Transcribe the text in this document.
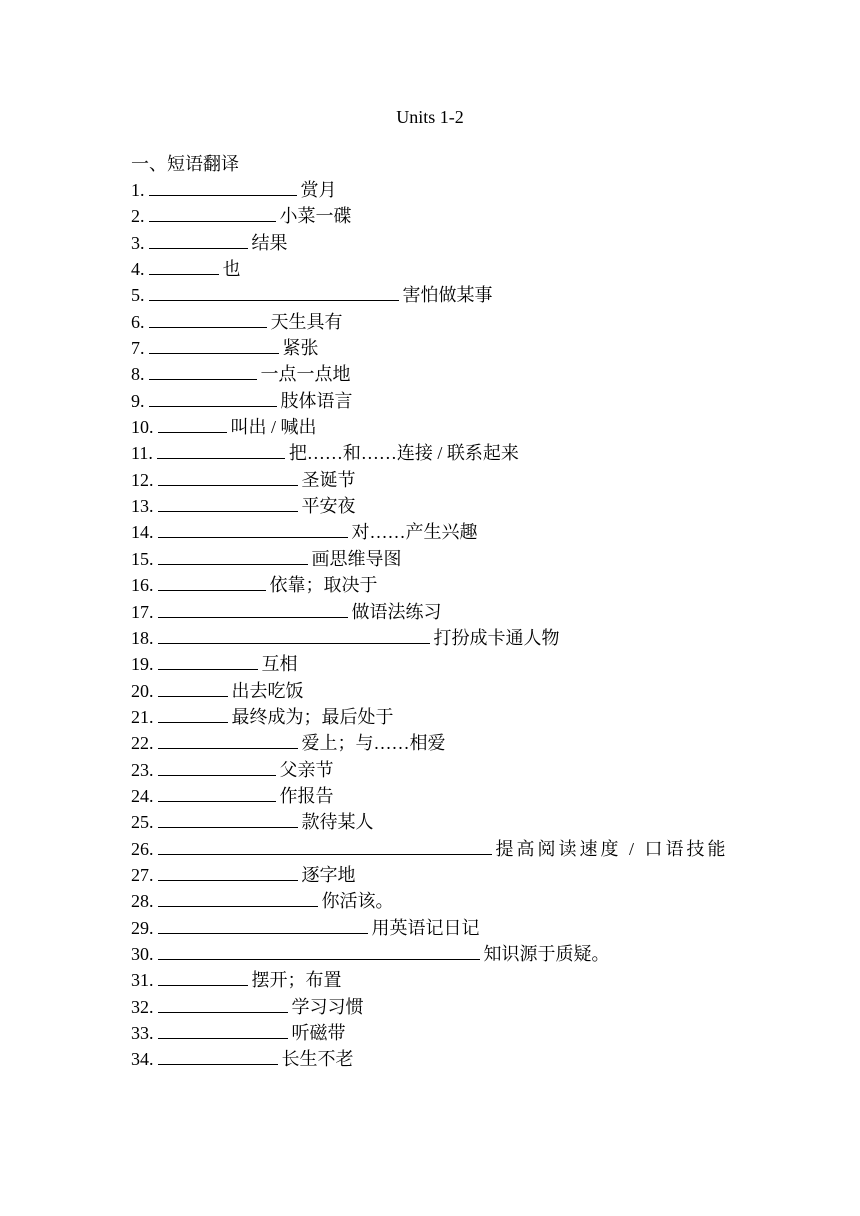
Units 1-2
一、短语翻译
1.	赏月
2.	小菜一碟
3.	结果
4.	也
5.	害怕做某事
6.	天生具有
7.	紧张
8.	一点一点地
9.	肢体语言
10.	叫出 / 喊出
11.	把……和……连接 / 联系起来
12.	圣诞节
13.	平安夜
14.	对……产生兴趣
15.	画思维导图
16.	依靠；取决于
17.	做语法练习
18.	打扮成卡通人物
19.	互相
20.	出去吃饭
21.	最终成为；最后处于
22.	爱上；与……相爱
23.	父亲节
24.	作报告
25.	款待某人
26.	提高阅读速度 / 口语技能
27.	逐字地
28.	你活该。
29.	用英语记日记
30.	知识源于质疑。
31.	摆开；布置
32.	学习习惯
33.	听磁带
34.	长生不老
